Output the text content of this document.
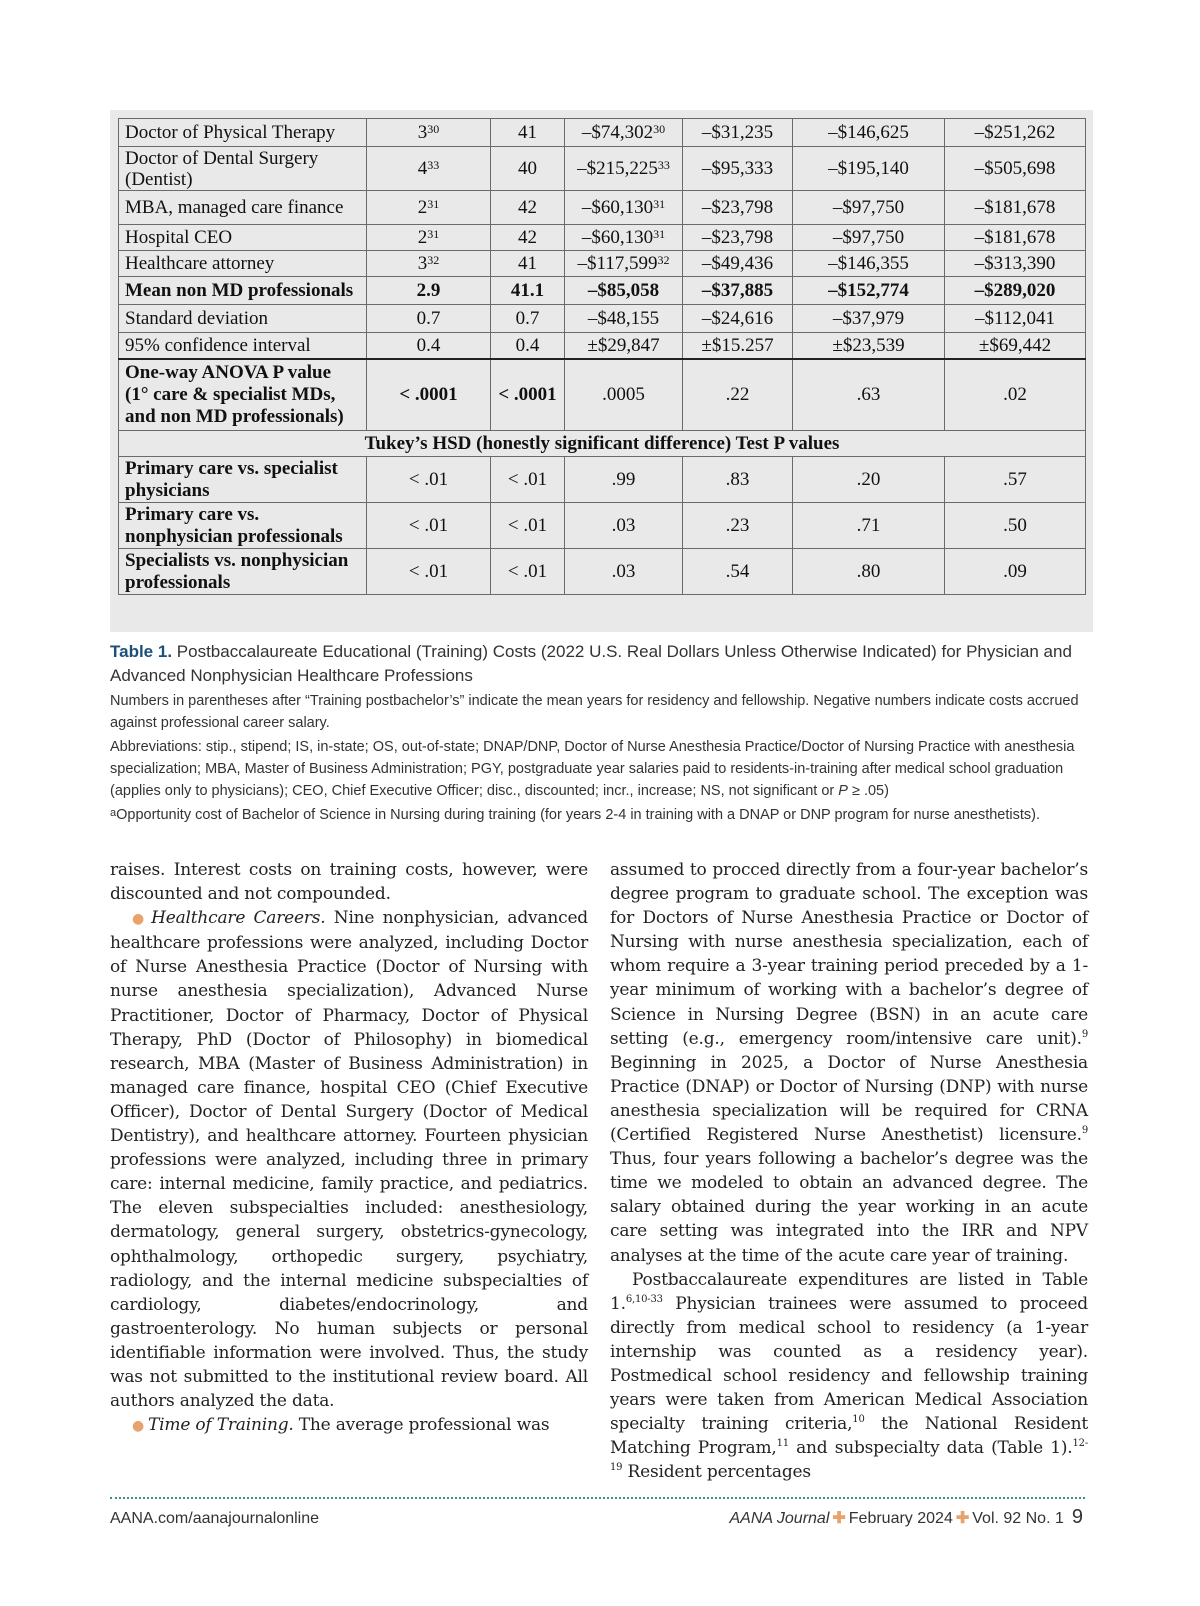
Doctor of Physical Therapy	$3^{30}$	41	–$74,302$^{30}$	–$31,235	–$146,625	–$251,262
Doctor of Dental Surgery (Dentist)	$4^{33}$	40	–$215,225$^{33}$	–$95,333	–$195,140	–$505,698
MBA, managed care finance	$2^{31}$	42	–$60,130$^{31}$	–$23,798	–$97,750	–$181,678
Hospital CEO	$2^{31}$	42	–$60,130$^{31}$	–$23,798	–$97,750	–$181,678
Healthcare attorney	$3^{32}$	41	–$117,599$^{32}$	–$49,436	–$146,355	–$313,390
Mean non MD professionals	2.9	41.1	–$85,058	–$37,885	–$152,774	–$289,020
Standard deviation	0.7	0.7	–$48,155	–$24,616	–$37,979	–$112,041
95% confidence interval	0.4	0.4	±$29,847	±$15.257	±$23,539	±$69,442

One-way ANOVA P value
(1° care & specialist MDs,
and non MD professionals)	< .0001	< .0001	.0005	.22	.63	.02
Tukey’s HSD (honestly significant difference) Test P values						

Primary care vs. specialist
physicians	< .01	< .01	.99	.83	.20	.57

Primary care vs.
nonphysician professionals	< .01	< .01	.03	.23	.71	.50

Specialists vs. nonphysician
professionals	< .01	< .01	.03	.54	.80	.09
Table 1. Postbaccalaureate Educational (Training) Costs (2022 U.S. Real Dollars Unless Otherwise Indicated) for Physician and Advanced Nonphysician Healthcare Professions
Numbers in parentheses after “Training postbachelor’s” indicate the mean years for residency and fellowship. Negative numbers indicate costs accrued against professional career salary.
Abbreviations: stip., stipend; IS, in-state; OS, out-of-state; DNAP/DNP, Doctor of Nurse Anesthesia Practice/Doctor of Nursing Practice with anesthesia specialization; MBA, Master of Business Administration; PGY, postgraduate year salaries paid to residents-in-training after medical school graduation (applies only to physicians); CEO, Chief Executive Officer; disc., discounted; incr., increase; NS, not significant or P ≥ .05)
$^a$Opportunity cost of Bachelor of Science in Nursing during training (for years 2-4 in training with a DNAP or DNP program for nurse anesthetists).

raises. Interest costs on training costs, however, were discounted and not compounded.

● Healthcare Careers. Nine nonphysician, advanced healthcare professions were analyzed, including Doctor of Nurse Anesthesia Practice (Doctor of Nursing with nurse anesthesia specialization), Advanced Nurse Practitioner, Doctor of Pharmacy, Doctor of Physical Therapy, PhD (Doctor of Philosophy) in biomedical research, MBA (Master of Business Administration) in managed care finance, hospital CEO (Chief Executive Officer), Doctor of Dental Surgery (Doctor of Medical Dentistry), and healthcare attorney. Fourteen physician professions were analyzed, including three in primary care: internal medicine, family practice, and pediatrics. The eleven subspecialties included: anesthesiology, dermatology, general surgery, obstetrics-gynecology, ophthalmology, orthopedic surgery, psychiatry, radiology, and the internal medicine subspecialties of cardiology, diabetes/endocrinology, and gastroenterology. No human subjects or personal identifiable information were involved. Thus, the study was not submitted to the institutional review board. All authors analyzed the data.

● Time of Training. The average professional was

assumed to procced directly from a four-year bachelor’s degree program to graduate school. The exception was for Doctors of Nurse Anesthesia Practice or Doctor of Nursing with nurse anesthesia specialization, each of whom require a 3-year training period preceded by a 1-year minimum of working with a bachelor’s degree of Science in Nursing Degree (BSN) in an acute care setting (e.g., emergency room/intensive care unit).$^9$ Beginning in 2025, a Doctor of Nurse Anesthesia Practice (DNAP) or Doctor of Nursing (DNP) with nurse anesthesia specialization will be required for CRNA (Certified Registered Nurse Anesthetist) licensure.$^9$ Thus, four years following a bachelor’s degree was the time we modeled to obtain an advanced degree. The salary obtained during the year working in an acute care setting was integrated into the IRR and NPV analyses at the time of the acute care year of training.

Postbaccalaureate expenditures are listed in Table 1.$^{6,10-33}$ Physician trainees were assumed to proceed directly from medical school to residency (a 1-year internship was counted as a residency year). Postmedical school residency and fellowship training years were taken from American Medical Association specialty training criteria,$^{10}$ the National Resident Matching Program,$^{11}$ and subspecialty data (Table 1).$^{12-19}$ Resident percentages

AANA.com/aanajournalonline	AANA Journal ✚ February 2024 ✚ Vol. 92 No. 1 9
